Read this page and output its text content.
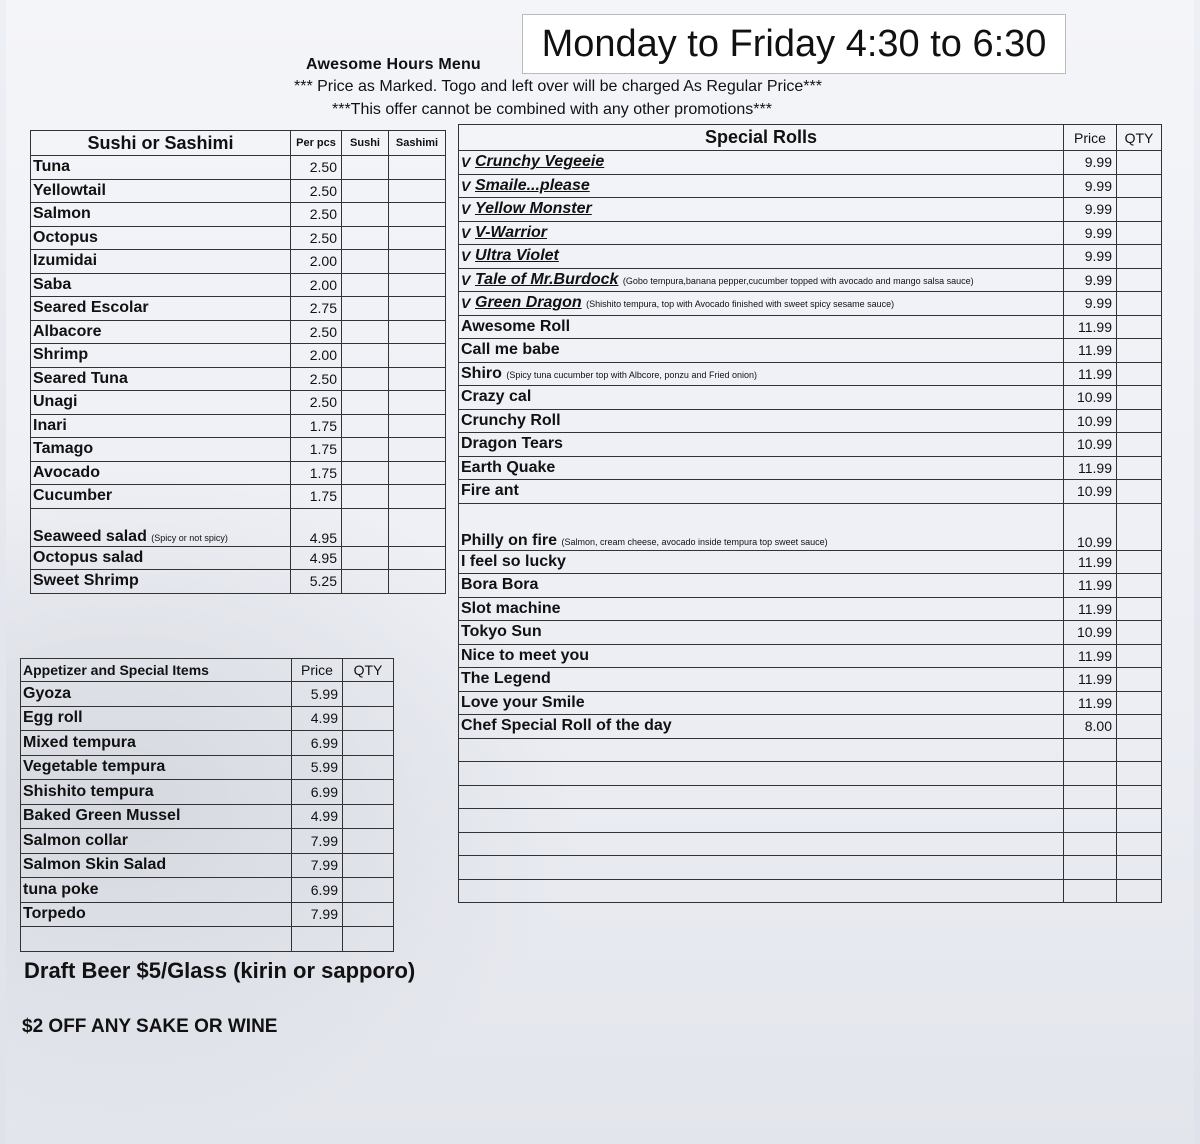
Awesome Hours Menu	Monday to Friday 4:30 to 6:30
*** Price as Marked. Togo and left over will be charged As Regular Price***
***This offer cannot be combined with any other promotions***
Sushi or Sashimi	Per pcs	Sushi	Sashimi
Tuna	2.50		
Yellowtail	2.50		
Salmon	2.50		
Octopus	2.50		
Izumidai	2.00		
Saba	2.00		
Seared Escolar	2.75		
Albacore	2.50		
Shrimp	2.00		
Seared Tuna	2.50		
Unagi	2.50		
Inari	1.75		
Tamago	1.75		
Avocado	1.75		
Cucumber	1.75		
Seaweed salad (Spicy or not spicy)	4.95		
Octopus salad	4.95		
Sweet Shrimp	5.25		
Appetizer and Special Items	Price	QTY
Gyoza	5.99	
Egg roll	4.99	
Mixed tempura	6.99	
Vegetable tempura	5.99	
Shishito tempura	6.99	
Baked Green Mussel	4.99	
Salmon collar	7.99	
Salmon Skin Salad	7.99	
tuna poke	6.99	
Torpedo	7.99	

Special Rolls		Price	QTY
V	Crunchy Vegeeie	9.99	
V	Smaile...please	9.99	
V	Yellow Monster	9.99	
V	V-Warrior	9.99	
V	Ultra Violet	9.99	
V	Tale of Mr.Burdock (Gobo tempura,banana pepper,cucumber topped with avocado and mango salsa sauce)	9.99	
V	Green Dragon (Shishito tempura, top with Avocado finished with sweet spicy sesame sauce)	9.99	
Awesome Roll		11.99	
Call me babe		11.99	
Shiro (Spicy tuna cucumber top with Albcore, ponzu and Fried onion)		11.99	
Crazy cal		10.99	
Crunchy Roll		10.99	
Dragon Tears		10.99	
Earth Quake		11.99	
Fire ant		10.99	
Philly on fire (Salmon, cream cheese, avocado inside tempura top sweet sauce)		10.99	
I feel so lucky		11.99	
Bora Bora		11.99	
Slot machine		11.99	
Tokyo Sun		10.99	
Nice to meet you		11.99	
The Legend		11.99	
Love your Smile		11.99	
Chef Special Roll of the day		8.00	

Draft Beer $5/Glass (kirin or sapporo)
$2 OFF ANY SAKE OR WINE
